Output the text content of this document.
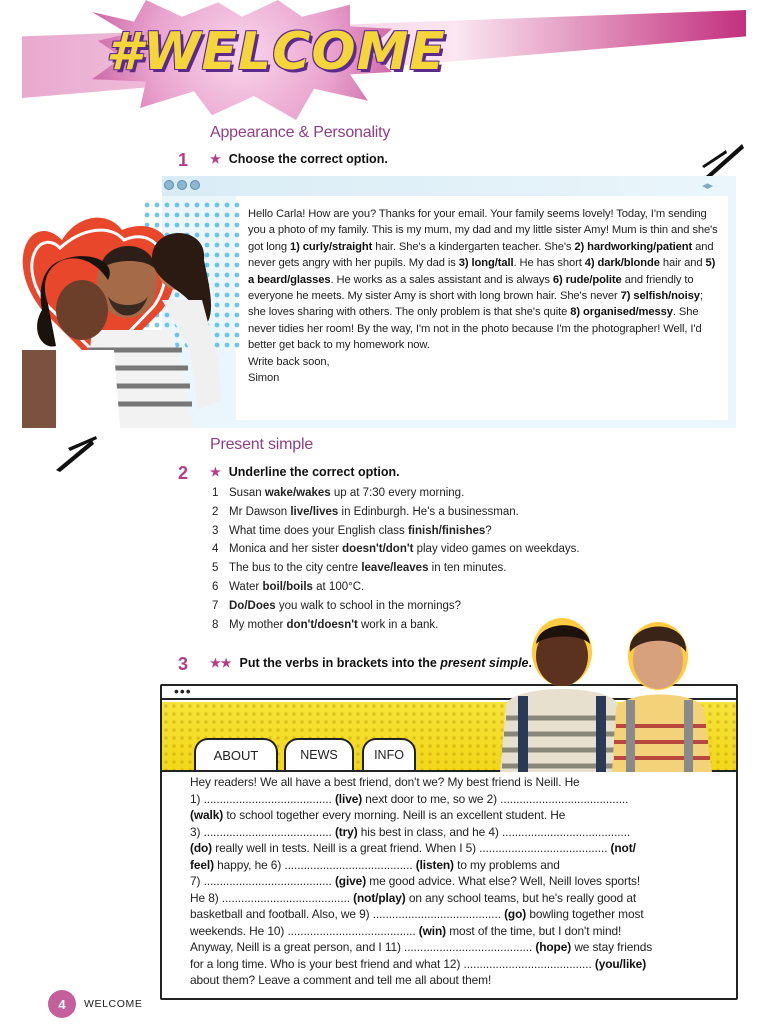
#WELCOME
Appearance & Personality
1 ★ Choose the correct option.
◂▸
Hello Carla! How are you? Thanks for your email. Your family seems lovely! Today, I'm sending you a photo of my family. This is my mum, my dad and my little sister Amy! Mum is thin and she's got long 1) curly/straight hair. She's a kindergarten teacher. She's 2) hardworking/patient and never gets angry with her pupils. My dad is 3) long/tall. He has short 4) dark/blonde hair and 5) a beard/glasses. He works as a sales assistant and is always 6) rude/polite and friendly to everyone he meets. My sister Amy is short with long brown hair. She's never 7) selfish/noisy; she loves sharing with others. The only problem is that she's quite 8) organised/messy. She never tidies her room! By the way, I'm not in the photo because I'm the photographer! Well, I'd better get back to my homework now.
Write back soon,
Simon
Present simple
2 ★ Underline the correct option.
1 Susan wake/wakes up at 7:30 every morning.
2 Mr Dawson live/lives in Edinburgh. He's a businessman.
3 What time does your English class finish/finishes?
4 Monica and her sister doesn't/don't play video games on weekdays.
5 The bus to the city centre leave/leaves in ten minutes.
6 Water boil/boils at 100°C.
7 Do/Does you walk to school in the mornings?
8 My mother don't/doesn't work in a bank.
3 ★★ Put the verbs in brackets into the present simple.
•••
ABOUT	NEWS	INFO
Hey readers! We all have a best friend, don't we? My best friend is Neill. He
1) ........................................ (live) next door to me, so we 2) ........................................
(walk) to school together every morning. Neill is an excellent student. He
3) ........................................ (try) his best in class, and he 4) ........................................
(do) really well in tests. Neill is a great friend. When I 5) ........................................ (not/
feel) happy, he 6) ........................................ (listen) to my problems and
7) ........................................ (give) me good advice. What else? Well, Neill loves sports!
He 8) ........................................ (not/play) on any school teams, but he's really good at
basketball and football. Also, we 9) ........................................ (go) bowling together most
weekends. He 10) ........................................ (win) most of the time, but I don't mind!
Anyway, Neill is a great person, and I 11) ........................................ (hope) we stay friends
for a long time. Who is your best friend and what 12) ........................................ (you/like)
about them? Leave a comment and tell me all about them!
4	WELCOME
